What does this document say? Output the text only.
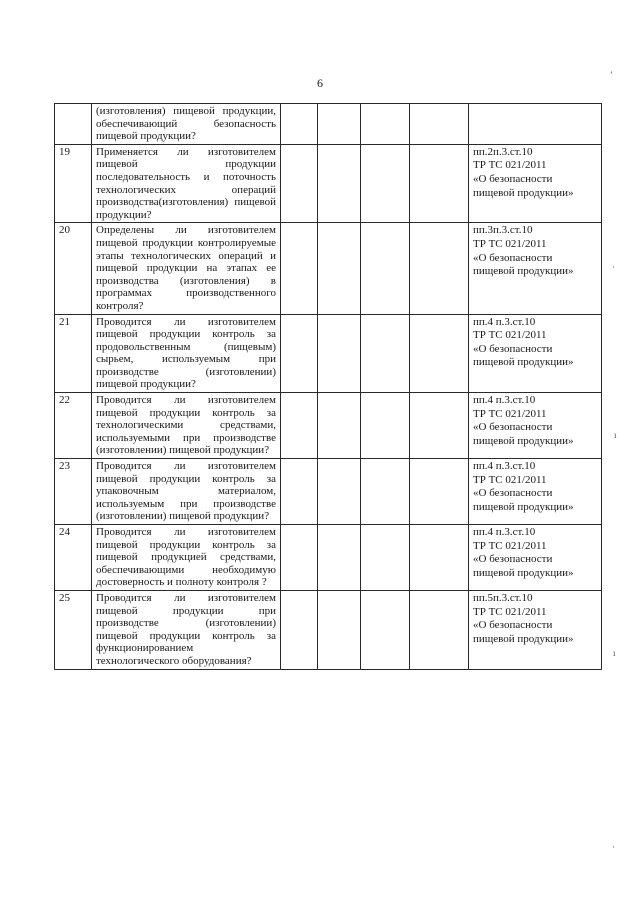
6
	(изготовления) пищевой продукции, обеспечивающий безопасность пищевой продукции?					
19	Применяется ли изготовителем пищевой продукции последовательность и поточность технологических операций производства(изготовления) пищевой продукции?					пп.2п.3.ст.10
ТР ТС 021/2011
«О безопасности
пищевой продукции»

20	Определены ли изготовителем пищевой продукции контролируемые этапы технологических операций и пищевой продукции на этапах ее производства (изготовления) в программах производственного контроля?					пп.3п.3.ст.10
ТР ТС 021/2011
«О безопасности
пищевой продукции»

21	Проводится ли изготовителем пищевой продукции контроль за продовольственным (пищевым) сырьем, используемым при производстве (изготовлении) пищевой продукции?					пп.4 п.3.ст.10
ТР ТС 021/2011
«О безопасности
пищевой продукции»

22	Проводится ли изготовителем пищевой продукции контроль за технологическими средствами, используемыми при производстве (изготовлении) пищевой продукции?					пп.4 п.3.ст.10
ТР ТС 021/2011
«О безопасности
пищевой продукции»

23	Проводится ли изготовителем пищевой продукции контроль за упаковочным материалом, используемым при производстве (изготовлении) пищевой продукции?					пп.4 п.3.ст.10
ТР ТС 021/2011
«О безопасности
пищевой продукции»

24	Проводится ли изготовителем пищевой продукции контроль за пищевой продукцией средствами, обеспечивающими необходимую достоверность и полноту контроля ?					пп.4 п.3.ст.10
ТР ТС 021/2011
«О безопасности
пищевой продукции»

25	Проводится ли изготовителем пищевой продукции при производстве (изготовлении) пищевой продукции контроль за функционированием технологического оборудования?					пп.5п.3.ст.10
ТР ТС 021/2011
«О безопасности
пищевой продукции»
‛
·
ı
ı
·
